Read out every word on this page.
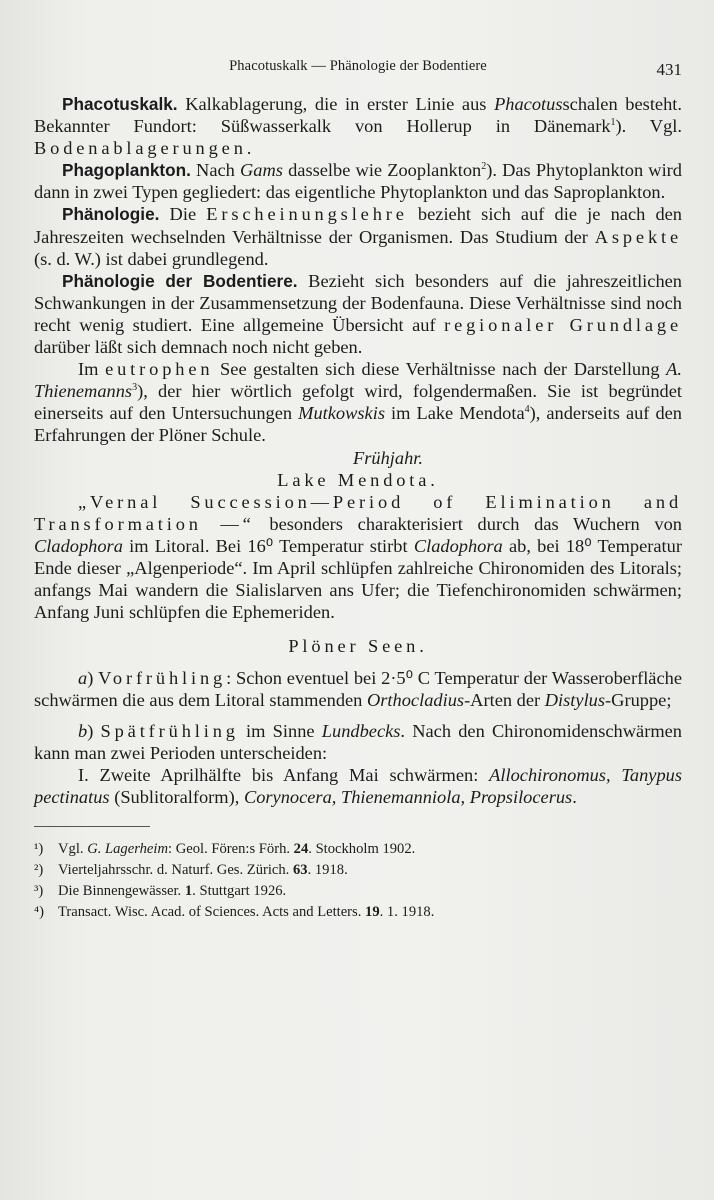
Phacotuskalk — Phänologie der Bodentiere	431

Phacotuskalk. Kalkablagerung, die in erster Linie aus Phacotusschalen besteht. Bekannter Fundort: Süßwasserkalk von Hollerup in Dänemark$^1$). Vgl. Bodenablagerungen.

Phagoplankton. Nach Gams dasselbe wie Zooplankton$^2$). Das Phytoplankton wird dann in zwei Typen gegliedert: das eigentliche Phytoplankton und das Saproplankton.

Phänologie. Die Erscheinungslehre bezieht sich auf die je nach den Jahreszeiten wechselnden Verhältnisse der Organismen. Das Studium der Aspekte (s. d. W.) ist dabei grundlegend.

Phänologie der Bodentiere. Bezieht sich besonders auf die jahreszeitlichen Schwankungen in der Zusammensetzung der Bodenfauna. Diese Verhältnisse sind noch recht wenig studiert. Eine allgemeine Übersicht auf regionaler Grundlage darüber läßt sich demnach noch nicht geben.

Im eutrophen See gestalten sich diese Verhältnisse nach der Darstellung A. Thienemanns$^3$), der hier wörtlich gefolgt wird, folgendermaßen. Sie ist begründet einerseits auf den Untersuchungen Mutkowskis im Lake Mendota$^4$), anderseits auf den Erfahrungen der Plöner Schule.

Frühjahr.

Lake Mendota.

„Vernal Succession—Period of Elimination and Transformation —“ besonders charakterisiert durch das Wuchern von Cladophora im Litoral. Bei 16⁰ Temperatur stirbt Cladophora ab, bei 18⁰ Temperatur Ende dieser „Algenperiode“. Im April schlüpfen zahlreiche Chironomiden des Litorals; anfangs Mai wandern die Sialislarven ans Ufer; die Tiefenchironomiden schwärmen; Anfang Juni schlüpfen die Ephemeriden.

Plöner Seen.

a) Vorfrühling: Schon eventuel bei 2·5⁰ C Temperatur der Wasseroberfläche schwärmen die aus dem Litoral stammenden Orthocladius-Arten der Distylus-Gruppe;

b) Spätfrühling im Sinne Lundbecks. Nach den Chironomidenschwärmen kann man zwei Perioden unterscheiden:

I. Zweite Aprilhälfte bis Anfang Mai schwärmen: Allochironomus, Tanypus pectinatus (Sublitoralform), Corynocera, Thienemanniola, Propsilocerus.

¹) Vgl. G. Lagerheim: Geol. Fören:s Förh. 24. Stockholm 1902.

²) Vierteljahrsschr. d. Naturf. Ges. Zürich. 63. 1918.

³) Die Binnengewässer. 1. Stuttgart 1926.

⁴) Transact. Wisc. Acad. of Sciences. Acts and Letters. 19. 1. 1918.
